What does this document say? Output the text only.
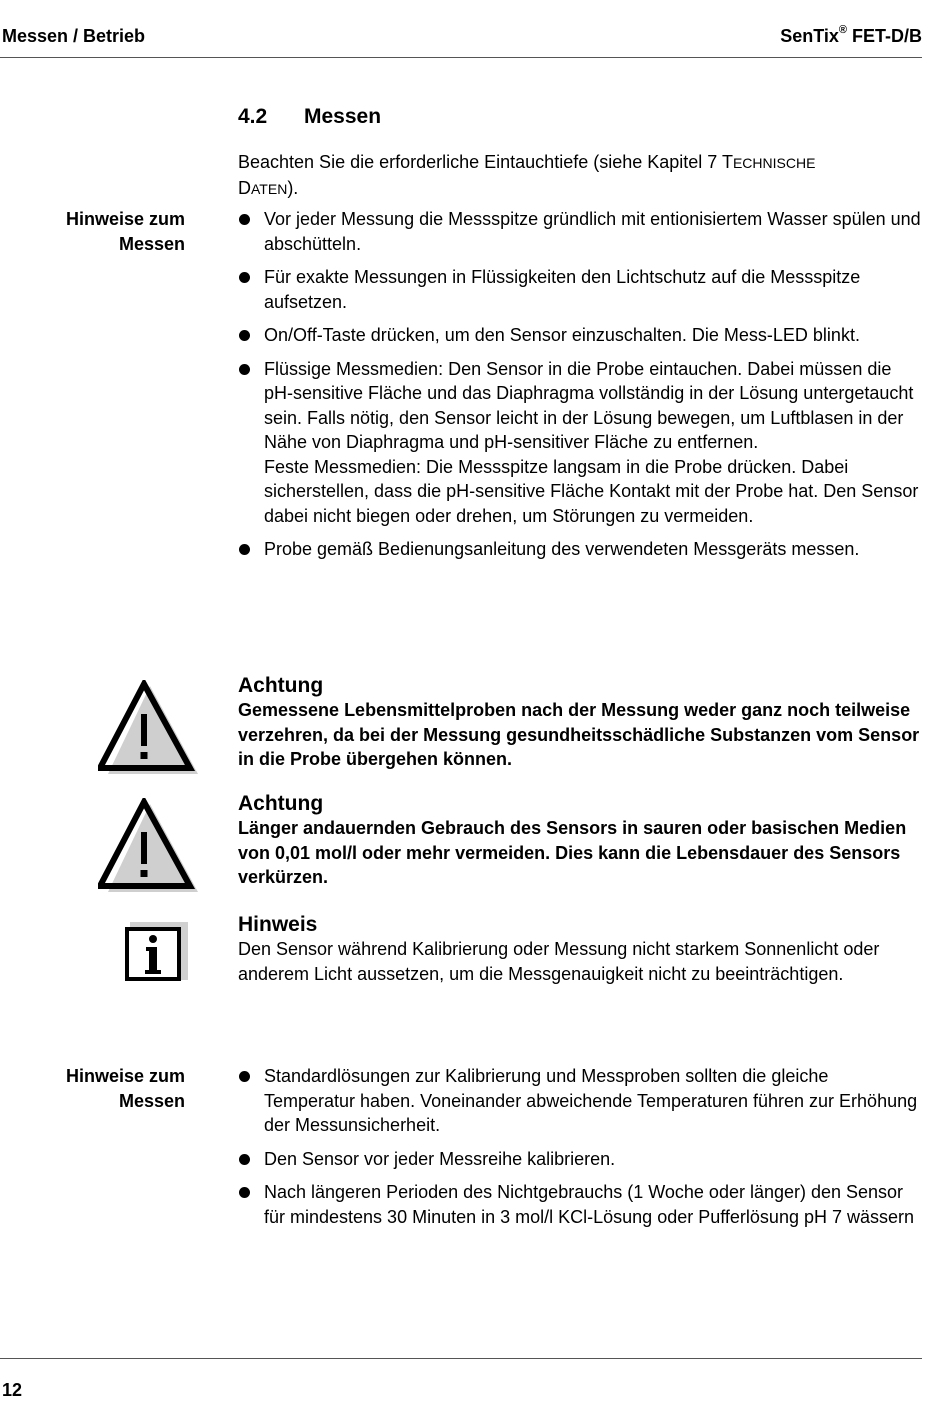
Messen / Betrieb	SenTix® FET-D/B
4.2 Messen
Beachten Sie die erforderliche Eintauchtiefe (siehe Kapitel 7 TECHNISCHE
DATEN).
Hinweise zum
Messen
Vor jeder Messung die Messspitze gründlich mit entionisiertem Wasser spülen und abschütteln.
Für exakte Messungen in Flüssigkeiten den Lichtschutz auf die Messspitze aufsetzen.
On/Off-Taste drücken, um den Sensor einzuschalten. Die Mess-LED blinkt.
Flüssige Messmedien: Den Sensor in die Probe eintauchen. Dabei müssen die pH-sensitive Fläche und das Diaphragma vollständig in der Lösung untergetaucht sein. Falls nötig, den Sensor leicht in der Lösung bewegen, um Luftblasen in der Nähe von Diaphragma und pH-sensitiver Fläche zu entfernen.
Feste Messmedien: Die Messspitze langsam in die Probe drücken. Dabei sicherstellen, dass die pH-sensitive Fläche Kontakt mit der Probe hat. Den Sensor dabei nicht biegen oder drehen, um Störungen zu vermeiden.
Probe gemäß Bedienungsanleitung des verwendeten Messgeräts messen.
Achtung
Gemessene Lebensmittelproben nach der Messung weder ganz noch teilweise verzehren, da bei der Messung gesundheitsschädliche Substanzen vom Sensor in die Probe übergehen können.
Achtung
Länger andauernden Gebrauch des Sensors in sauren oder basischen Medien von 0,01 mol/l oder mehr vermeiden. Dies kann die Lebensdauer des Sensors verkürzen.
Hinweis
Den Sensor während Kalibrierung oder Messung nicht starkem Sonnenlicht oder anderem Licht aussetzen, um die Messgenauigkeit nicht zu beeinträchtigen.
Hinweise zum
Messen
Standardlösungen zur Kalibrierung und Messproben sollten die gleiche Temperatur haben. Voneinander abweichende Temperaturen führen zur Erhöhung der Messunsicherheit.
Den Sensor vor jeder Messreihe kalibrieren.
Nach längeren Perioden des Nichtgebrauchs (1 Woche oder länger) den Sensor für mindestens 30 Minuten in 3 mol/l KCl-Lösung oder Pufferlösung pH 7 wässern
12
